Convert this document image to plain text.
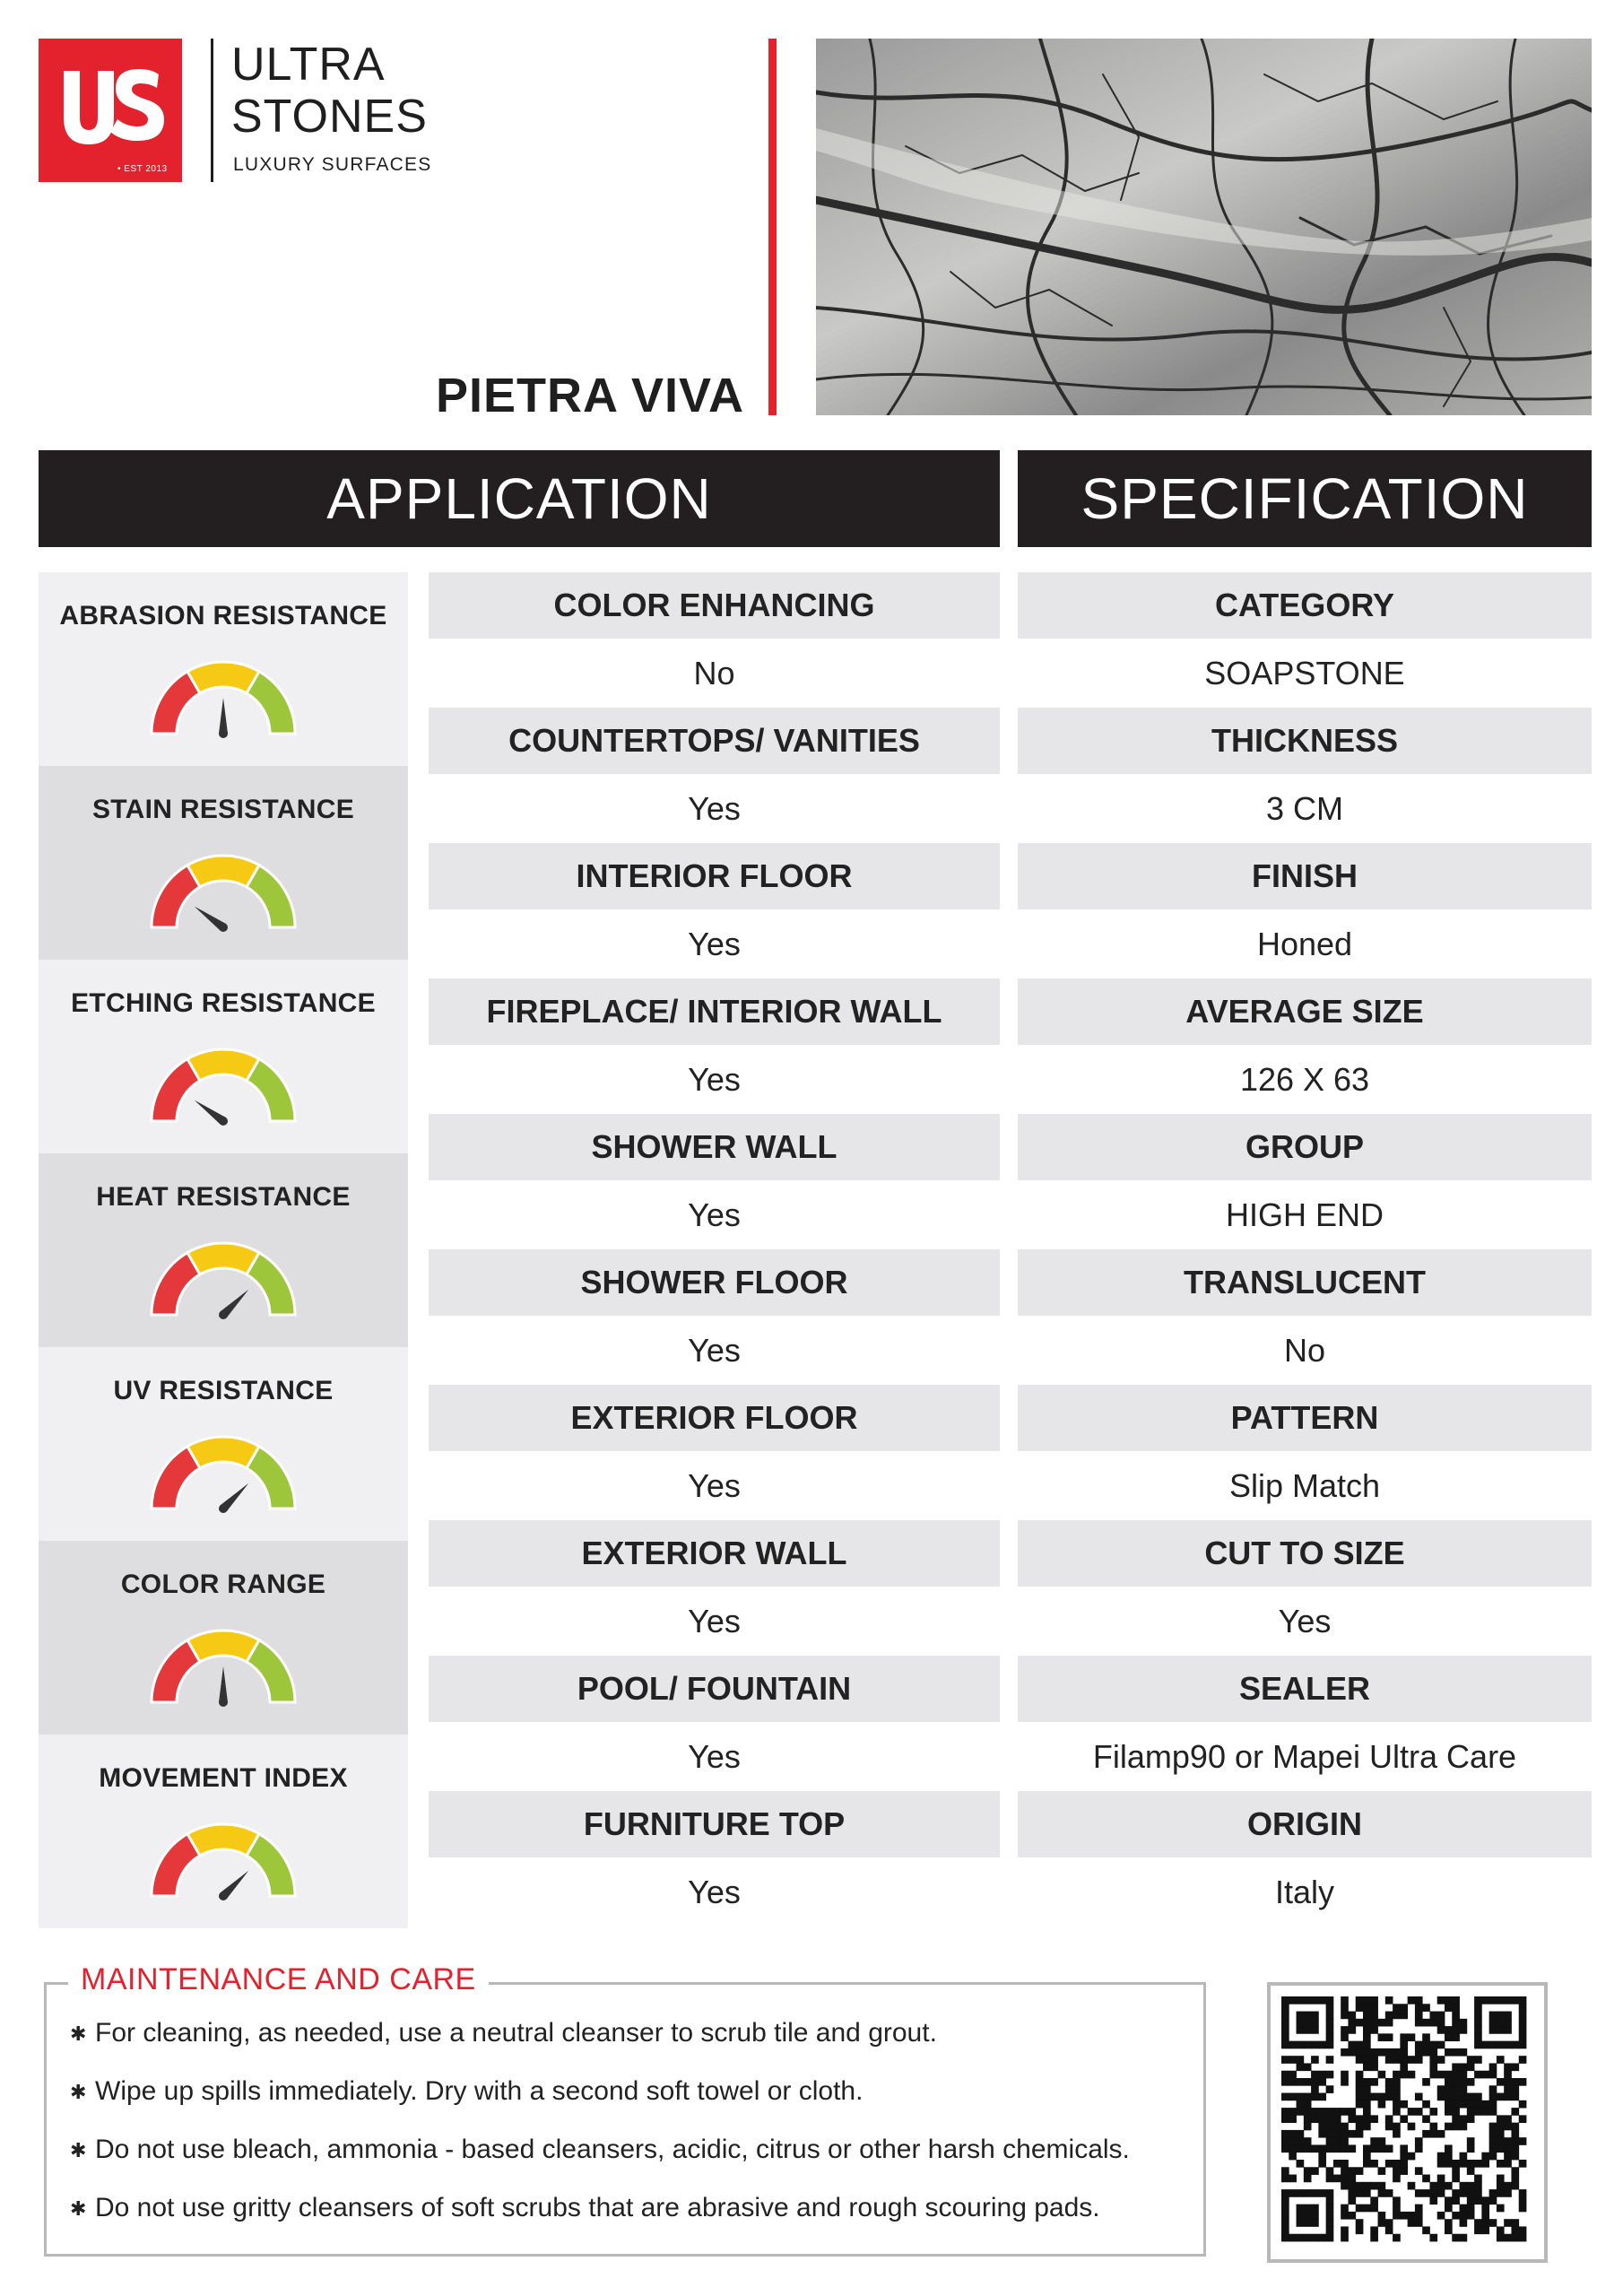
• EST 2013
ULTRA
STONES
LUXURY SURFACES
PIETRA VIVA
APPLICATION	SPECIFICATION
ABRASION RESISTANCE
STAIN RESISTANCE
ETCHING RESISTANCE
HEAT RESISTANCE
UV RESISTANCE
COLOR RANGE
MOVEMENT INDEX
COLOR ENHANCING
No
COUNTERTOPS/ VANITIES
Yes
INTERIOR FLOOR
Yes
FIREPLACE/ INTERIOR WALL
Yes
SHOWER WALL
Yes
SHOWER FLOOR
Yes
EXTERIOR FLOOR
Yes
EXTERIOR WALL
Yes
POOL/ FOUNTAIN
Yes
FURNITURE TOP
Yes
CATEGORY
SOAPSTONE
THICKNESS
3 CM
FINISH
Honed
AVERAGE SIZE
126 X 63
GROUP
HIGH END
TRANSLUCENT
No
PATTERN
Slip Match
CUT TO SIZE
Yes
SEALER
Filamp90 or Mapei Ultra Care
ORIGIN
Italy
MAINTENANCE AND CARE
✱ For cleaning, as needed, use a neutral cleanser to scrub tile and grout.
✱ Wipe up spills immediately. Dry with a second soft towel or cloth.
✱ Do not use bleach, ammonia - based cleansers, acidic, citrus or other harsh chemicals.
✱ Do not use gritty cleansers of soft scrubs that are abrasive and rough scouring pads.
